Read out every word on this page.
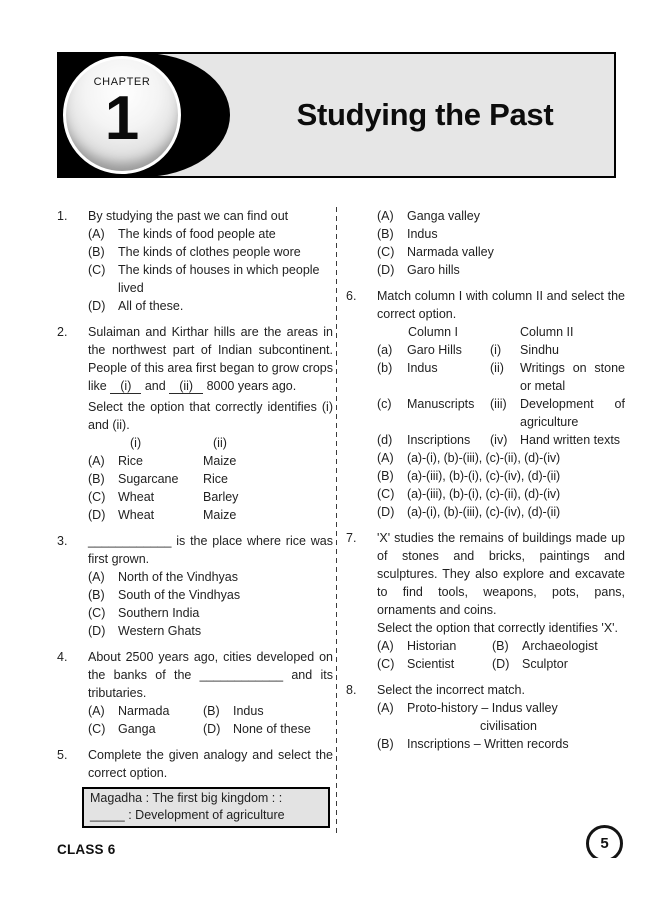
CHAPTER
1	Studying the Past
1.	By studying the past we can find out
(A)	The kinds of food people ate
(B)	The kinds of clothes people wore
(C)	The kinds of houses in which people lived
(D)	All of these.
2.	Sulaiman and Kirthar hills are the areas in the northwest part of Indian subcontinent. People of this area first began to grow crops like (i) and (ii) 8000 years ago.
Select the option that correctly identifies (i) and (ii).
(i)	(ii)
(A)	Rice	Maize
(B)	Sugarcane	Rice
(C)	Wheat	Barley
(D)	Wheat	Maize
3.	____________ is the place where rice was first grown.
(A)	North of the Vindhyas
(B)	South of the Vindhyas
(C)	Southern India
(D)	Western Ghats
4.	About 2500 years ago, cities developed on the banks of the ____________ and its tributaries.
(A)	Narmada	(B)	Indus
(C)	Ganga	(D)	None of these
5.	Complete the given analogy and select the correct option.
Magadha : The first big kingdom : :
_____ : Development of agriculture
(A)	Ganga valley
(B)	Indus
(C)	Narmada valley
(D)	Garo hills
6.	Match column I with column II and select the correct option.
Column I	Column II
(a)	Garo Hills	(i)	Sindhu
(b)	Indus	(ii)	Writings on stone or metal
(c)	Manuscripts	(iii)	Development of agriculture
(d)	Inscriptions	(iv)	Hand written texts
(A)	(a)-(i), (b)-(iii), (c)-(ii), (d)-(iv)
(B)	(a)-(iii), (b)-(i), (c)-(iv), (d)-(ii)
(C)	(a)-(iii), (b)-(i), (c)-(ii), (d)-(iv)
(D)	(a)-(i), (b)-(iii), (c)-(iv), (d)-(ii)
7.	'X' studies the remains of buildings made up of stones and bricks, paintings and sculptures. They also explore and excavate to find tools, weapons, pots, pans, ornaments and coins.
Select the option that correctly identifies 'X'.
(A)	Historian	(B)	Archaeologist
(C)	Scientist	(D)	Sculptor
8.	Select the incorrect match.
(A)	Proto-history – Indus valley
civilisation
(B)	Inscriptions – Written records
CLASS 6	5
